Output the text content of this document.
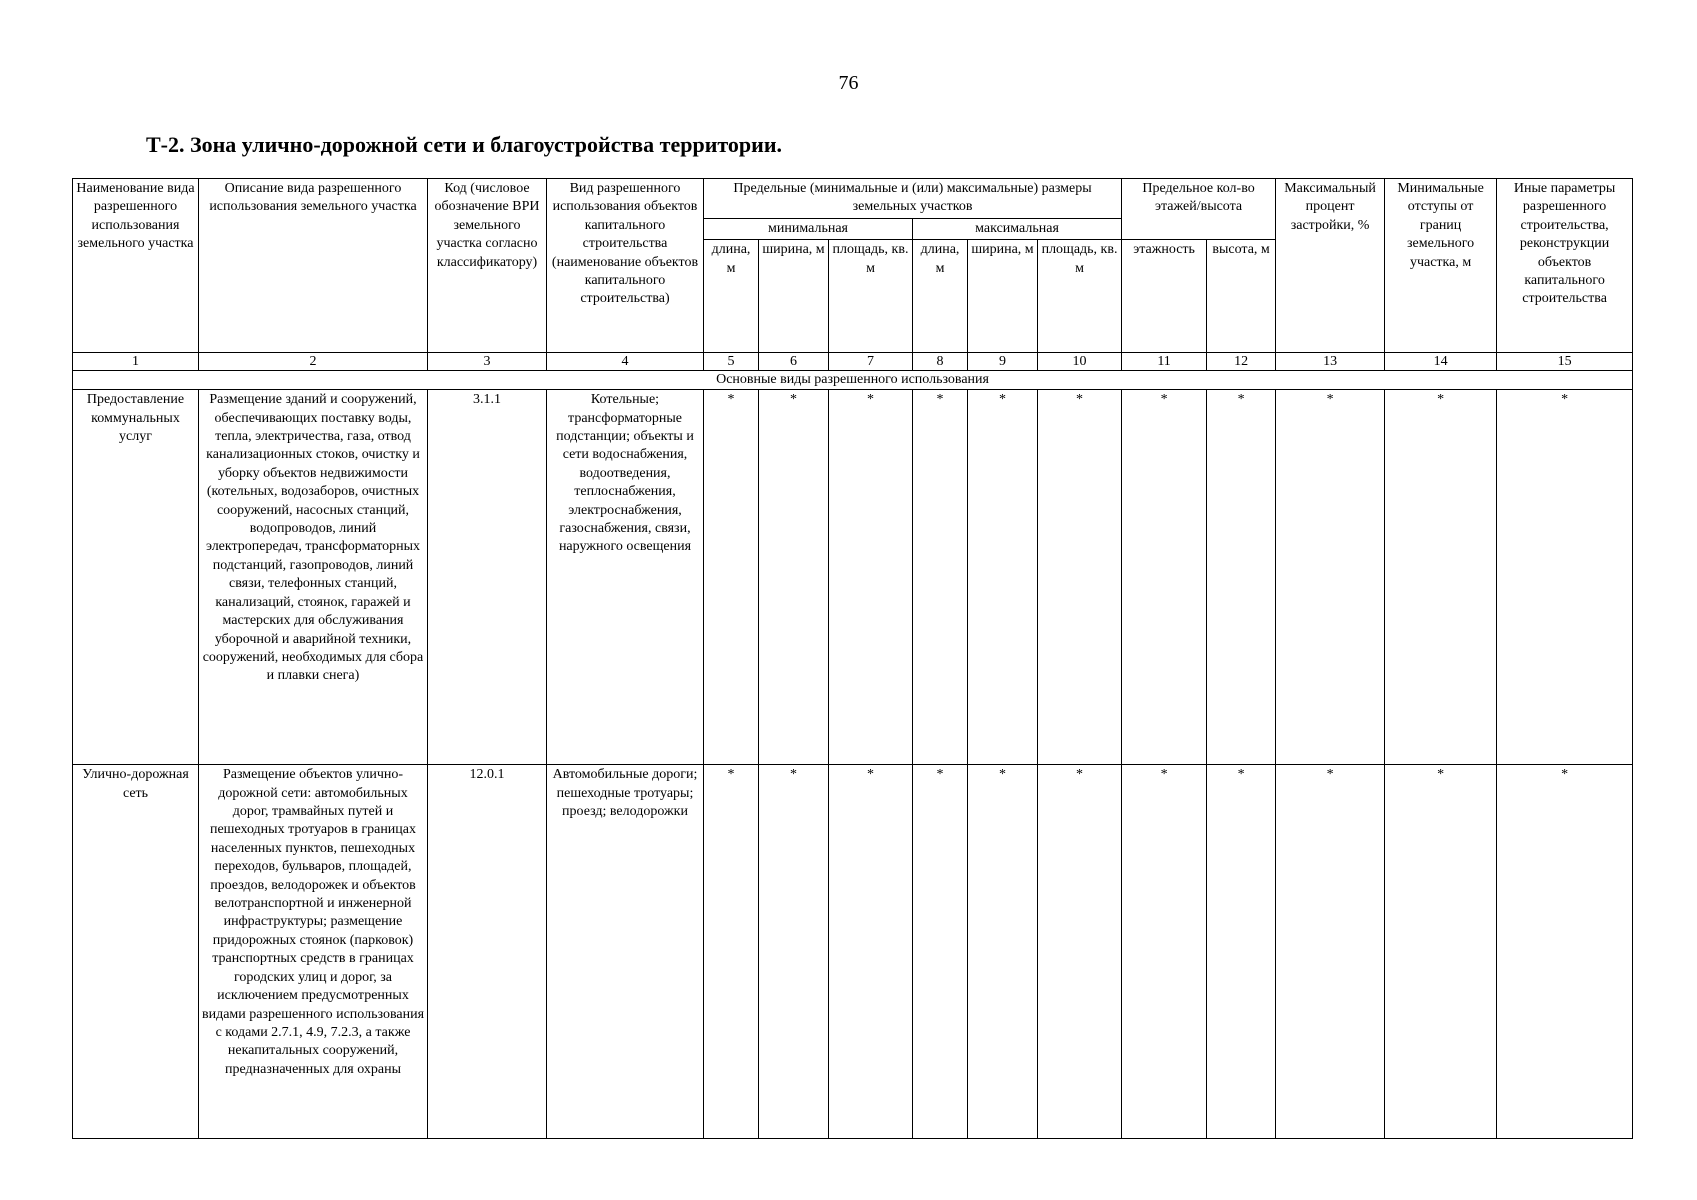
76
Т-2. Зона улично-дорожной сети и благоустройства территории.
Наименование вида разрешенного использования земельного участка	Описание вида разрешенного использования земельного участка	Код (числовое обозначение ВРИ земельного участка согласно классификатору)	Вид разрешенного использования объектов капитального строительства (наименование объектов капитального строительства)	Предельные (минимальные и (или) максимальные) размеры земельных участков						Предельное кол-во этажей/высота		Максимальный процент застройки, %	Минимальные отступы от границ земельного участка, м	Иные параметры разрешенного строительства, реконструкции объектов капитального строительства
				минимальная			максимальная							
				длина, м	ширина, м	площадь, кв. м	длина, м	ширина, м	площадь, кв. м	этажность	высота, м			
1	2	3	4	5	6	7	8	9	10	11	12	13	14	15
Основные виды разрешенного использования														
Предоставление коммунальных услуг	Размещение зданий и сооружений, обеспечивающих поставку воды, тепла, электричества, газа, отвод канализационных стоков, очистку и уборку объектов недвижимости (котельных, водозаборов, очистных сооружений, насосных станций, водопроводов, линий электропередач, трансформаторных подстанций, газопроводов, линий связи, телефонных станций, канализаций, стоянок, гаражей и мастерских для обслуживания уборочной и аварийной техники, сооружений, необходимых для сбора и плавки снега)	3.1.1	Котельные; трансформаторные подстанции; объекты и сети водоснабжения, водоотведения, теплоснабжения, электроснабжения, газоснабжения, связи, наружного освещения	*	*	*	*	*	*	*	*	*	*	*
Улично-дорожная сеть	Размещение объектов улично-дорожной сети: автомобильных дорог, трамвайных путей и пешеходных тротуаров в границах населенных пунктов, пешеходных переходов, бульваров, площадей, проездов, велодорожек и объектов велотранспортной и инженерной инфраструктуры; размещение придорожных стоянок (парковок) транспортных средств в границах городских улиц и дорог, за исключением предусмотренных видами разрешенного использования с кодами 2.7.1, 4.9, 7.2.3, а также некапитальных сооружений, предназначенных для охраны	12.0.1	Автомобильные дороги; пешеходные тротуары; проезд; велодорожки	*	*	*	*	*	*	*	*	*	*	*
